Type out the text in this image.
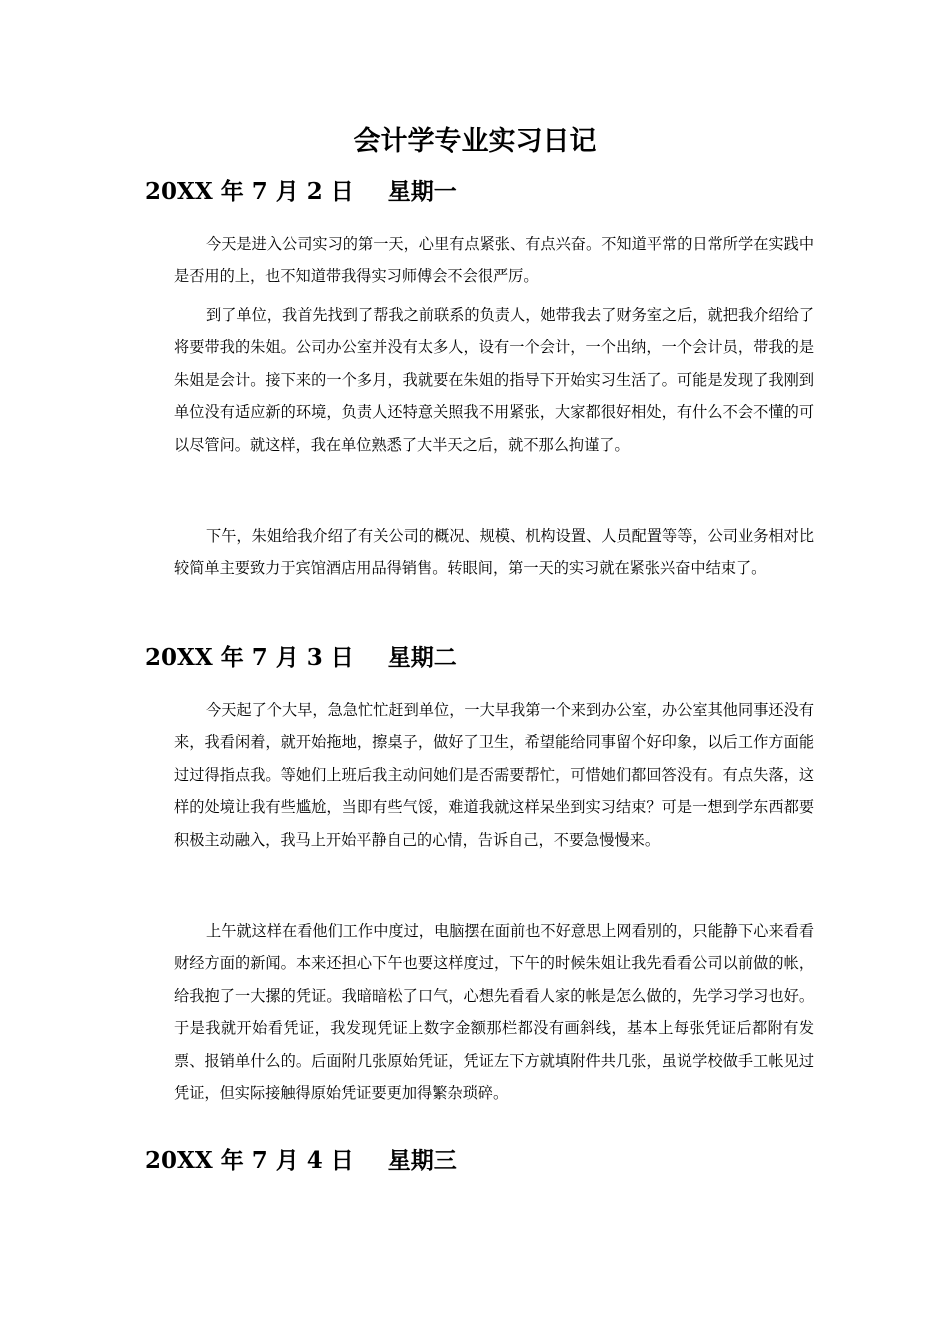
会计学专业实习日记
20XX 年 7 月 2 日 星期一

今天是进入公司实习的第一天，心里有点紧张、有点兴奋。不知道平常的日常所学在实践中是否用的上，也不知道带我得实习师傅会不会很严厉。

到了单位，我首先找到了帮我之前联系的负责人，她带我去了财务室之后，就把我介绍给了将要带我的朱姐。公司办公室并没有太多人，设有一个会计，一个出纳，一个会计员，带我的是朱姐是会计。接下来的一个多月，我就要在朱姐的指导下开始实习生活了。可能是发现了我刚到单位没有适应新的环境，负责人还特意关照我不用紧张，大家都很好相处，有什么不会不懂的可以尽管问。就这样，我在单位熟悉了大半天之后，就不那么拘谨了。

下午，朱姐给我介绍了有关公司的概况、规模、机构设置、人员配置等等，公司业务相对比较简单主要致力于宾馆酒店用品得销售。转眼间，第一天的实习就在紧张兴奋中结束了。

20XX 年 7 月 3 日 星期二

今天起了个大早，急急忙忙赶到单位，一大早我第一个来到办公室，办公室其他同事还没有来，我看闲着，就开始拖地，擦桌子，做好了卫生，希望能给同事留个好印象，以后工作方面能过过得指点我。等她们上班后我主动问她们是否需要帮忙，可惜她们都回答没有。有点失落，这样的处境让我有些尴尬，当即有些气馁，难道我就这样呆坐到实习结束？可是一想到学东西都要积极主动融入，我马上开始平静自己的心情，告诉自己，不要急慢慢来。

上午就这样在看他们工作中度过，电脑摆在面前也不好意思上网看别的，只能静下心来看看财经方面的新闻。本来还担心下午也要这样度过，下午的时候朱姐让我先看看公司以前做的帐，给我抱了一大摞的凭证。我暗暗松了口气，心想先看看人家的帐是怎么做的，先学习学习也好。于是我就开始看凭证，我发现凭证上数字金额那栏都没有画斜线，基本上每张凭证后都附有发票、报销单什么的。后面附几张原始凭证，凭证左下方就填附件共几张，虽说学校做手工帐见过凭证，但实际接触得原始凭证要更加得繁杂琐碎。

20XX 年 7 月 4 日 星期三
